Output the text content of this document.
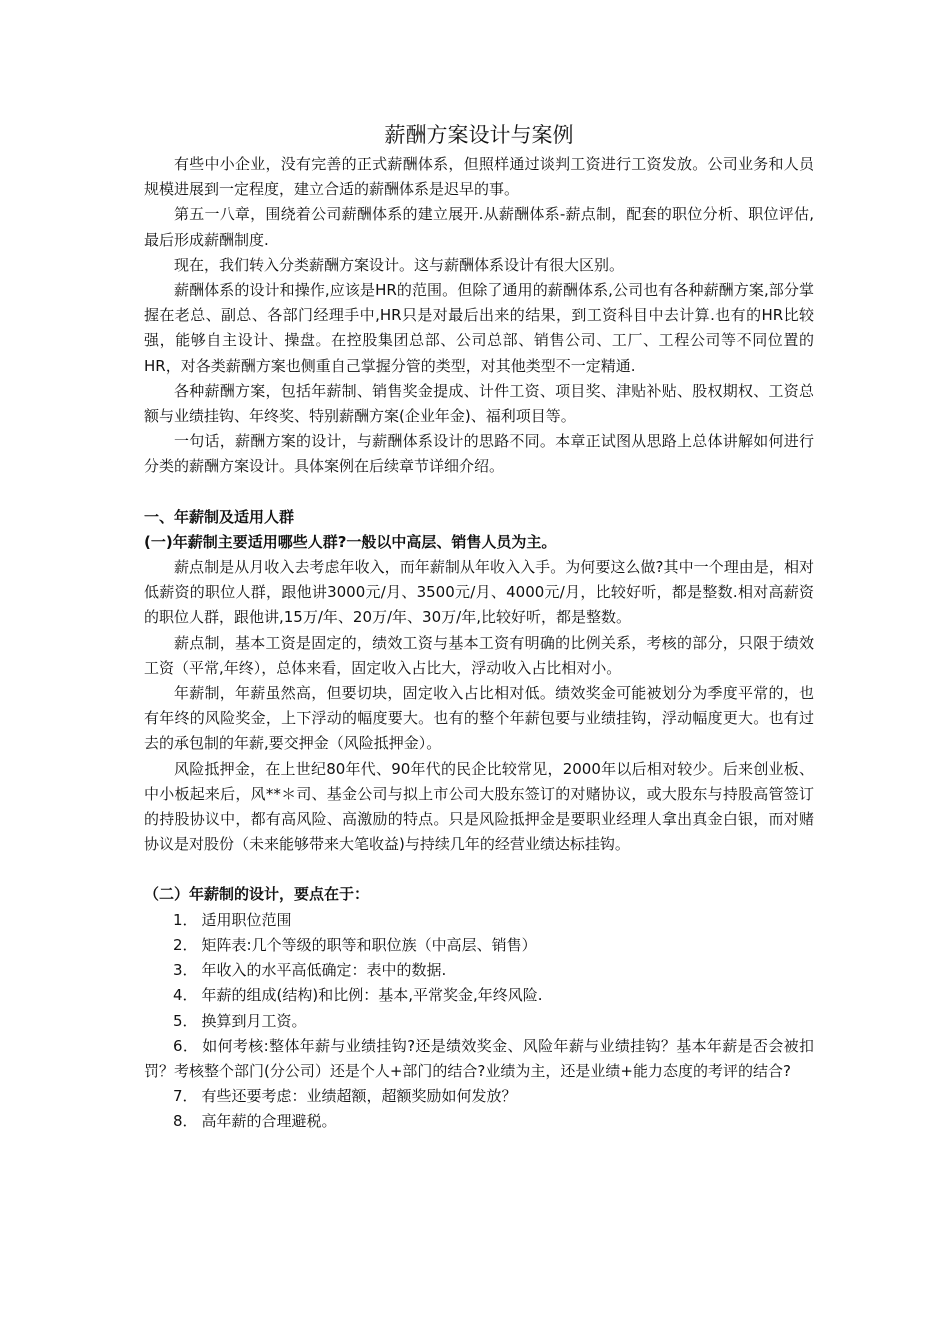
薪酬方案设计与案例

有些中小企业，没有完善的正式薪酬体系，但照样通过谈判工资进行工资发放。公司业务和人员规模进展到一定程度，建立合适的薪酬体系是迟早的事。

第五一八章，围绕着公司薪酬体系的建立展开.从薪酬体系-薪点制，配套的职位分析、职位评估,最后形成薪酬制度.

现在，我们转入分类薪酬方案设计。这与薪酬体系设计有很大区别。

薪酬体系的设计和操作,应该是HR的范围。但除了通用的薪酬体系,公司也有各种薪酬方案,部分掌握在老总、副总、各部门经理手中,HR只是对最后出来的结果，到工资科目中去计算.也有的HR比较强，能够自主设计、操盘。在控股集团总部、公司总部、销售公司、工厂、工程公司等不同位置的HR，对各类薪酬方案也侧重自己掌握分管的类型，对其他类型不一定精通.

各种薪酬方案，包括年薪制、销售奖金提成、计件工资、项目奖、津贴补贴、股权期权、工资总额与业绩挂钩、年终奖、特别薪酬方案(企业年金)、福利项目等。

一句话，薪酬方案的设计，与薪酬体系设计的思路不同。本章正试图从思路上总体讲解如何进行分类的薪酬方案设计。具体案例在后续章节详细介绍。

一、年薪制及适用人群

(一)年薪制主要适用哪些人群?一般以中高层、销售人员为主。

薪点制是从月收入去考虑年收入，而年薪制从年收入入手。为何要这么做?其中一个理由是，相对低薪资的职位人群，跟他讲3000元/月、3500元/月、4000元/月，比较好听，都是整数.相对高薪资的职位人群，跟他讲,15万/年、20万/年、30万/年,比较好听，都是整数。

薪点制，基本工资是固定的，绩效工资与基本工资有明确的比例关系，考核的部分，只限于绩效工资（平常,年终），总体来看，固定收入占比大，浮动收入占比相对小。

年薪制，年薪虽然高，但要切块，固定收入占比相对低。绩效奖金可能被划分为季度平常的，也有年终的风险奖金，上下浮动的幅度要大。也有的整个年薪包要与业绩挂钩，浮动幅度更大。也有过去的承包制的年薪,要交押金（风险抵押金）。

风险抵押金，在上世纪80年代、90年代的民企比较常见，2000年以后相对较少。后来创业板、中小板起来后，风**＊司、基金公司与拟上市公司大股东签订的对赌协议，或大股东与持股高管签订的持股协议中，都有高风险、高激励的特点。只是风险抵押金是要职业经理人拿出真金白银，而对赌协议是对股份（未来能够带来大笔收益)与持续几年的经营业绩达标挂钩。

（二）年薪制的设计，要点在于：

1． 适用职位范围

2． 矩阵表:几个等级的职等和职位族（中高层、销售）

3． 年收入的水平高低确定：表中的数据.

4． 年薪的组成(结构)和比例：基本,平常奖金,年终风险.

5． 换算到月工资。

6． 如何考核:整体年薪与业绩挂钩?还是绩效奖金、风险年薪与业绩挂钩？基本年薪是否会被扣罚？考核整个部门(分公司）还是个人+部门的结合?业绩为主，还是业绩+能力态度的考评的结合?

7． 有些还要考虑：业绩超额，超额奖励如何发放？

8． 高年薪的合理避税。
